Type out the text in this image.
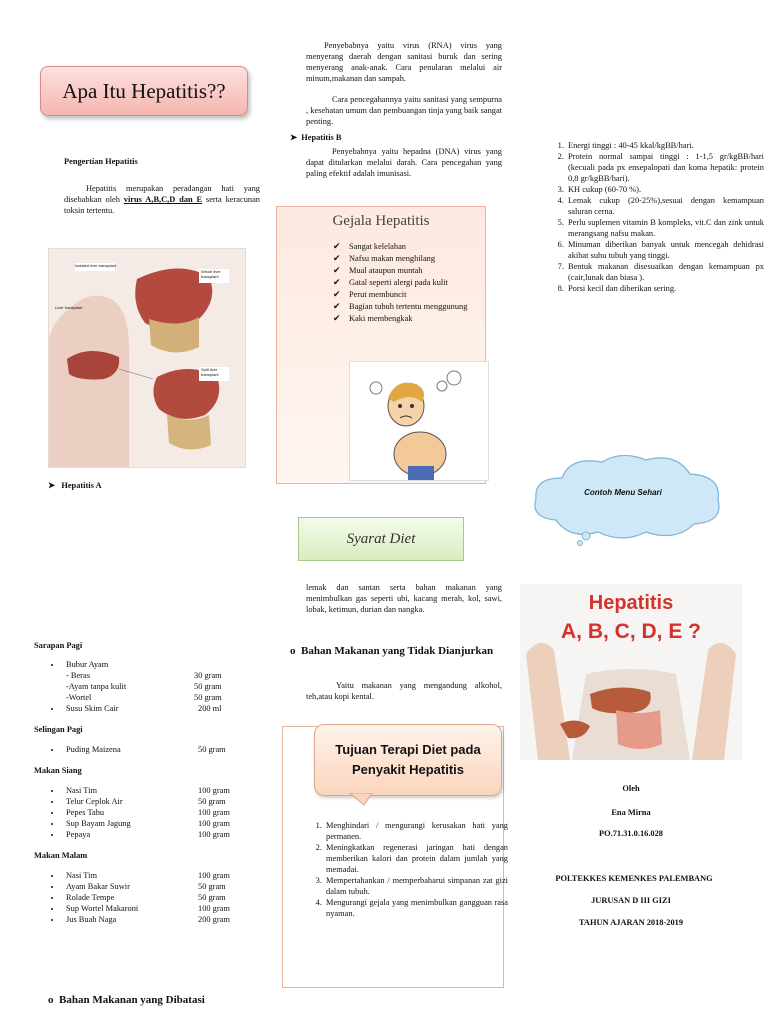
Apa Itu Hepatitis??
Pengertian Hepatitis
Hepatitis merupakan peradangan hati yang disebabkan oleh virus A,B,C,D dan E serta keracunan toksin tertentu.
Isolated liver transplant
Whole liver transplant
Liver transplant
Split liver transplant
➤ Hepatitis A
Sarapan Pagi
• Bubur Ayam
- Beras	30 gram
-Ayam tanpa kulit	50 gram
-Wortel	50 gram
• Susu Skim Cair	200 ml
Selingan Pagi
• Puding Maizena	50 gram
Makan Siang
• Nasi Tim	100 gram
• Telur Ceplok Air	50 gram
• Pepes Tahu	100 gram
• Sup Bayam Jagung	100 gram
• Pepaya	100 gram
Makan Malam
• Nasi Tim	100 gram
• Ayam Bakar Suwir	50 gram
• Rolade Tempe	50 gram
• Sup Wortel Makaroni	100 gram
• Jus Buah Naga	200 gram
o Bahan Makanan yang Dibatasi
Penyebabnya yaitu virus (RNA) virus yang menyerang daerah dengan sanitasi buruk dan sering menyerang anak-anak. Cara penularan melalui air minum,makanan dan sampah.
Cara pencegahannya yaitu sanitasi yang sempurna , kesehatan umum dan pembuangan tinja yang baik sangat penting.
➤ Hepatitis B
Penyebabnya yaitu hepadna (DNA) virus yang dapat ditularkan melalui darah. Cara pencegahan yang paling efektif adalah imunisasi.
Gejala Hepatitis
✔ Sangat kelelahan
✔ Nafsu makan menghilang
✔ Mual ataupun muntah
✔ Gatal seperti alergi pada kulit
✔ Perut membuncit
✔ Bagian tubuh tertentu menggunung
✔ Kaki membengkak
Syarat Diet
lemak dan santan serta bahan makanan yang menimbulkan gas seperti ubi, kacang merah, kol, sawi, lobak, ketimun, durian dan nangka.
o Bahan Makanan yang Tidak Dianjurkan
Yaitu makanan yang mengandung alkohol, teh,atau kopi kental.
Tujuan Terapi Diet pada Penyakit Hepatitis
1. Menghindari / mengurangi kerusakan hati yang permanen.
2. Meningkatkan regenerasi jaringan hati dengan memberikan kalori dan protein dalam jumlah yang memadai.
3. Mempertahankan / memperbaharui simpanan zat gizi dalam tubuh.
4. Mengurangi gejala yang menimbulkan gangguan rasa nyaman.
1. Energi tinggi : 40-45 kkal/kgBB/hari.
2. Protein normal sampai tinggi : 1-1,5 gr/kgBB/hari (kecuali pada px ensepalopati dan koma hepatik: protein 0,8 gr/kgBB/hari).
3. KH cukup (60-70 %).
4. Lemak cukup (20-25%),sesuai dengan kemampuan saluran cerna.
5. Perlu suplemen vitamin B kompleks, vit.C dan zink untuk merangsang nafsu makan.
6. Minuman diberikan banyak untuk mencegah dehidrasi akibat suhu tubuh yang tinggi.
7. Bentuk makanan disesuaikan dengan kemampuan px (cair,lunak dan biasa ).
8. Porsi kecil dan diberikan sering.
Contoh Menu Sehari
Hepatitis
A, B, C, D, E ?
Oleh
Ena Mirna
PO.71.31.0.16.028
POLTEKKES KEMENKES PALEMBANG
JURUSAN D III GIZI
TAHUN AJARAN 2018-2019
